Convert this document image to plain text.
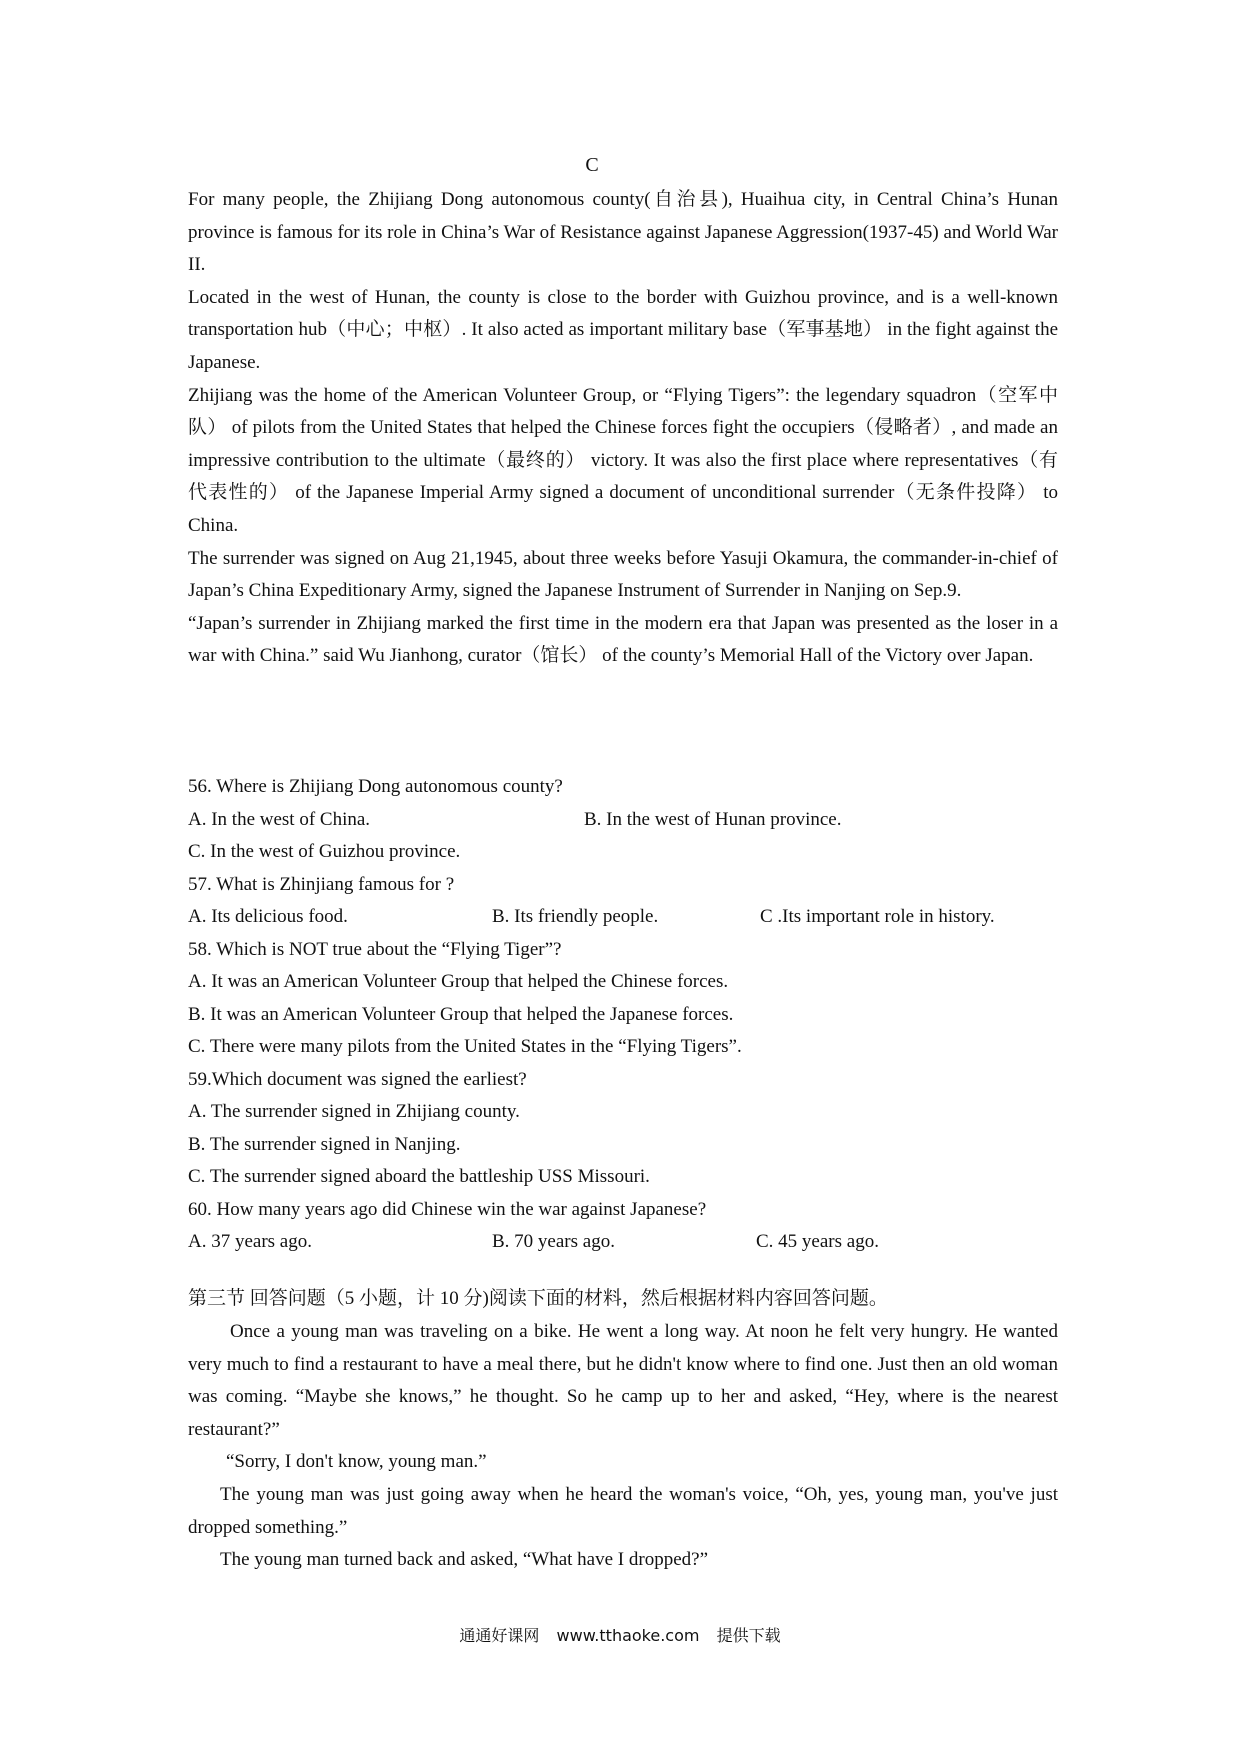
C

For many people, the Zhijiang Dong autonomous county(自治县), Huaihua city, in Central China’s Hunan province is famous for its role in China’s War of Resistance against Japanese Aggression(1937-45) and World War II.

Located in the west of Hunan, the county is close to the border with Guizhou province, and is a well-known transportation hub（中心；中枢）. It also acted as important military base（军事基地） in the fight against the Japanese.

Zhijiang was the home of the American Volunteer Group, or “Flying Tigers”: the legendary squadron（空军中队） of pilots from the United States that helped the Chinese forces fight the occupiers（侵略者）, and made an impressive contribution to the ultimate（最终的） victory. It was also the first place where representatives（有代表性的） of the Japanese Imperial Army signed a document of unconditional surrender（无条件投降） to China.

The surrender was signed on Aug 21,1945, about three weeks before Yasuji Okamura, the commander-in-chief of Japan’s China Expeditionary Army, signed the Japanese Instrument of Surrender in Nanjing on Sep.9.

“Japan’s surrender in Zhijiang marked the first time in the modern era that Japan was presented as the loser in a war with China.” said Wu Jianhong, curator（馆长） of the county’s Memorial Hall of the Victory over Japan.

56. Where is Zhijiang Dong autonomous county?
A. In the west of China.	B. In the west of Hunan province.
C. In the west of Guizhou province.
57. What is Zhinjiang famous for ?
A. Its delicious food.	B. Its friendly people.	C .Its important role in history.
58. Which is NOT true about the “Flying Tiger”?
A. It was an American Volunteer Group that helped the Chinese forces.
B. It was an American Volunteer Group that helped the Japanese forces.
C. There were many pilots from the United States in the “Flying Tigers”.
59.Which document was signed the earliest?
A. The surrender signed in Zhijiang county.
B. The surrender signed in Nanjing.
C. The surrender signed aboard the battleship USS Missouri.
60. How many years ago did Chinese win the war against Japanese?
A. 37 years ago.	B. 70 years ago.	C. 45 years ago.
第三节 回答问题（5 小题，计 10 分)阅读下面的材料，然后根据材料内容回答问题。

Once a young man was traveling on a bike. He went a long way. At noon he felt very hungry. He wanted very much to find a restaurant to have a meal there, but he didn't know where to find one. Just then an old woman was coming. “Maybe she knows,” he thought. So he camp up to her and asked, “Hey, where is the nearest restaurant?”

“Sorry, I don't know, young man.”

The young man was just going away when he heard the woman's voice, “Oh, yes, young man, you've just dropped something.”

The young man turned back and asked, “What have I dropped?”

通通好课网 www.tthaoke.com 提供下载
